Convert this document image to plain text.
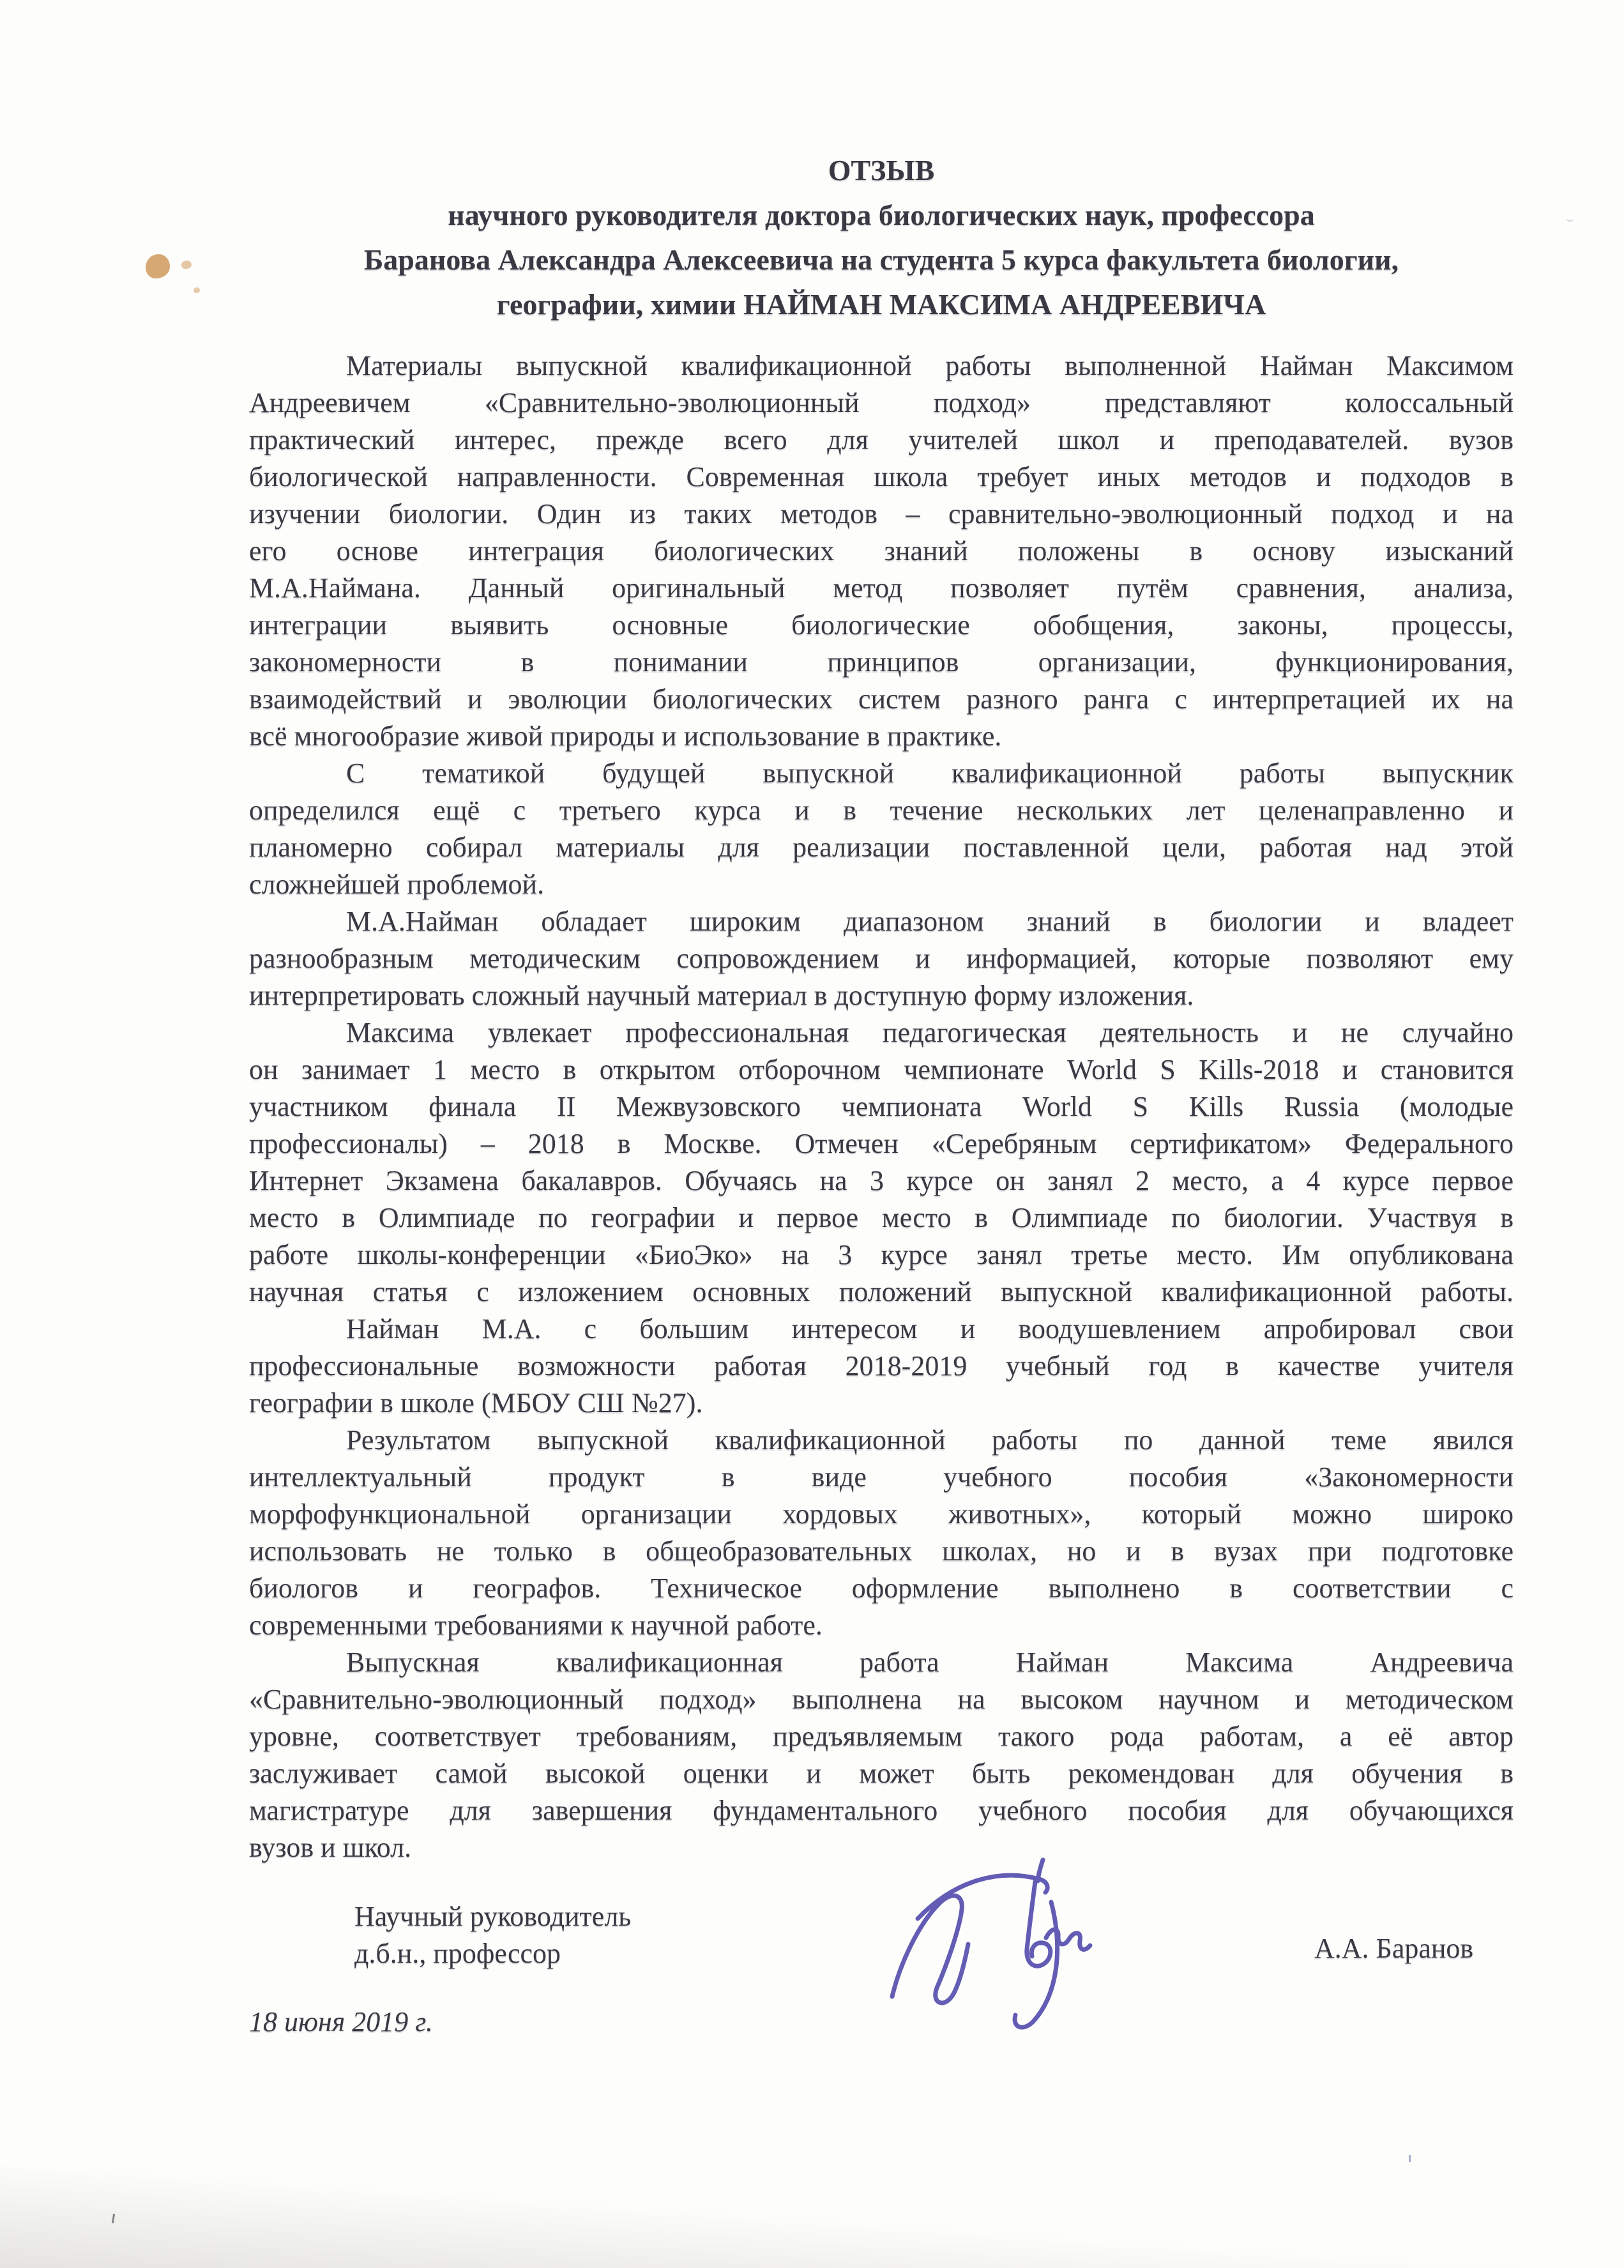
ОТЗЫВ
научного руководителя доктора биологических наук, профессора
Баранова Александра Алексеевича на студента 5 курса факультета биологии,
географии, химии НАЙМАН МАКСИМА АНДРЕЕВИЧА
Материалы выпускной квалификационной работы выполненной Найман Максимом
Андреевичем «Сравнительно-эволюционный подход» представляют колоссальный
практический интерес, прежде всего для учителей школ и преподавателей. вузов
биологической направленности. Современная школа требует иных методов и подходов в
изучении биологии. Один из таких методов – сравнительно-эволюционный подход и на
его основе интеграция биологических знаний положены в основу изысканий
М.А.Наймана. Данный оригинальный метод позволяет путём сравнения, анализа,
интеграции выявить основные биологические обобщения, законы, процессы,
закономерности в понимании принципов организации, функционирования,
взаимодействий и эволюции биологических систем разного ранга с интерпретацией их на
всё многообразие живой природы и использование в практике.
С тематикой будущей выпускной квалификационной работы выпускник
определился ещё с третьего курса и в течение нескольких лет целенаправленно и
планомерно собирал материалы для реализации поставленной цели, работая над этой
сложнейшей проблемой.
М.А.Найман обладает широким диапазоном знаний в биологии и владеет
разнообразным методическим сопровождением и информацией, которые позволяют ему
интерпретировать сложный научный материал в доступную форму изложения.
Максима увлекает профессиональная педагогическая деятельность и не случайно
он занимает 1 место в открытом отборочном чемпионате World S Kills-2018 и становится
участником финала II Межвузовского чемпионата World S Kills Russia (молодые
профессионалы) – 2018 в Москве. Отмечен «Серебряным сертификатом» Федерального
Интернет Экзамена бакалавров. Обучаясь на 3 курсе он занял 2 место, а 4 курсе первое
место в Олимпиаде по географии и первое место в Олимпиаде по биологии. Участвуя в
работе школы-конференции «БиоЭко» на 3 курсе занял третье место. Им опубликована
научная статья с изложением основных положений выпускной квалификационной работы.
Найман М.А. с большим интересом и воодушевлением апробировал свои
профессиональные возможности работая 2018-2019 учебный год в качестве учителя
географии в школе (МБОУ СШ №27).
Результатом выпускной квалификационной работы по данной теме явился
интеллектуальный продукт в виде учебного пособия «Закономерности
морфофункциональной организации хордовых животных», который можно широко
использовать не только в общеобразовательных школах, но и в вузах при подготовке
биологов и географов. Техническое оформление выполнено в соответствии с
современными требованиями к научной работе.
Выпускная квалификационная работа Найман Максима Андреевича
«Сравнительно-эволюционный подход» выполнена на высоком научном и методическом
уровне, соответствует требованиям, предъявляемым такого рода работам, а её автор
заслуживает самой высокой оценки и может быть рекомендован для обучения в
магистратуре для завершения фундаментального учебного пособия для обучающихся
вузов и школ.
Научный руководитель
д.б.н., профессор	А.А. Баранов
18 июня 2019 г.
